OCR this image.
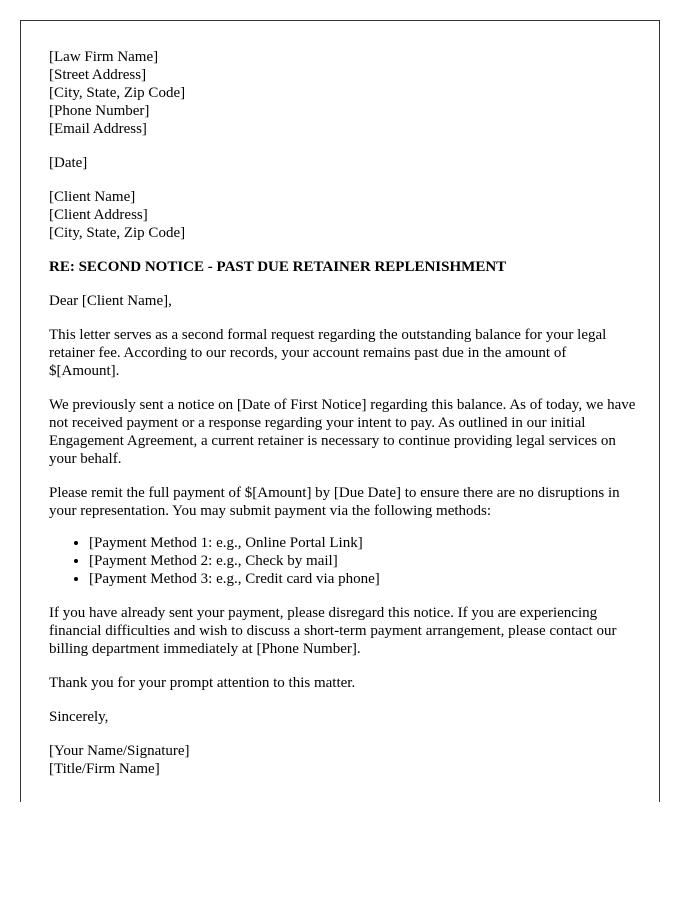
[Law Firm Name]
[Street Address]
[City, State, Zip Code]
[Phone Number]
[Email Address]
[Date]
[Client Name]
[Client Address]
[City, State, Zip Code]
RE: SECOND NOTICE - PAST DUE RETAINER REPLENISHMENT

Dear [Client Name],

This letter serves as a second formal request regarding the outstanding balance for your legal retainer fee. According to our records, your account remains past due in the amount of $[Amount].

We previously sent a notice on [Date of First Notice] regarding this balance. As of today, we have not received payment or a response regarding your intent to pay. As outlined in our initial Engagement Agreement, a current retainer is necessary to continue providing legal services on your behalf.

Please remit the full payment of $[Amount] by [Due Date] to ensure there are no disruptions in your representation. You may submit payment via the following methods:

• [Payment Method 1: e.g., Online Portal Link]
• [Payment Method 2: e.g., Check by mail]
• [Payment Method 3: e.g., Credit card via phone]

If you have already sent your payment, please disregard this notice. If you are experiencing financial difficulties and wish to discuss a short-term payment arrangement, please contact our billing department immediately at [Phone Number].

Thank you for your prompt attention to this matter.

Sincerely,

[Your Name/Signature]
[Title/Firm Name]
